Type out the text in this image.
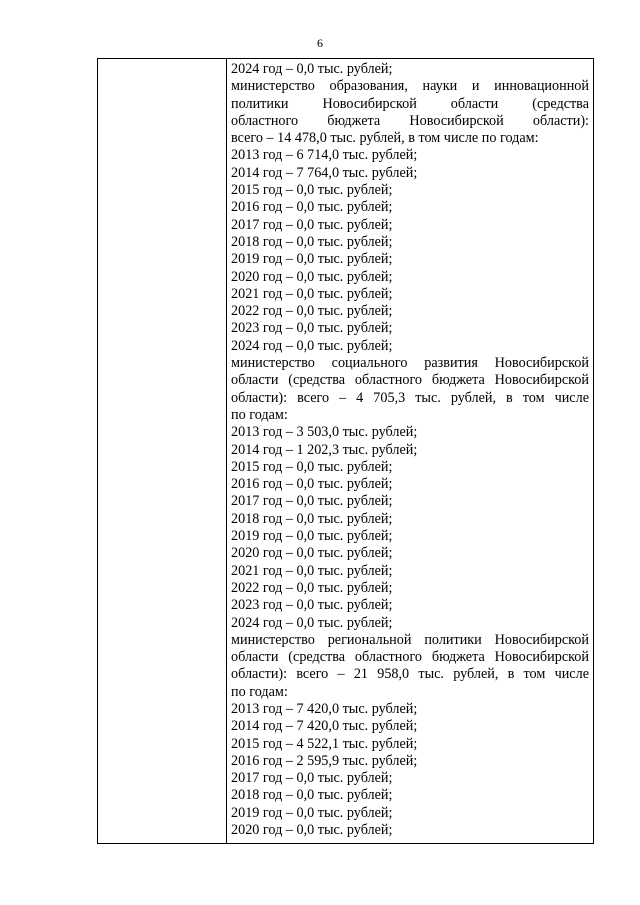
6
2024 год – 0,0 тыс. рублей;
министерство образования, науки и инновационной
политики Новосибирской области (средства
областного бюджета Новосибирской области):
всего – 14 478,0 тыс. рублей, в том числе по годам:
2013 год – 6 714,0 тыс. рублей;
2014 год – 7 764,0 тыс. рублей;
2015 год – 0,0 тыс. рублей;
2016 год – 0,0 тыс. рублей;
2017 год – 0,0 тыс. рублей;
2018 год – 0,0 тыс. рублей;
2019 год – 0,0 тыс. рублей;
2020 год – 0,0 тыс. рублей;
2021 год – 0,0 тыс. рублей;
2022 год – 0,0 тыс. рублей;
2023 год – 0,0 тыс. рублей;
2024 год – 0,0 тыс. рублей;
министерство социального развития Новосибирской
области (средства областного бюджета Новосибирской
области): всего – 4 705,3 тыс. рублей, в том числе
по годам:
2013 год – 3 503,0 тыс. рублей;
2014 год – 1 202,3 тыс. рублей;
2015 год – 0,0 тыс. рублей;
2016 год – 0,0 тыс. рублей;
2017 год – 0,0 тыс. рублей;
2018 год – 0,0 тыс. рублей;
2019 год – 0,0 тыс. рублей;
2020 год – 0,0 тыс. рублей;
2021 год – 0,0 тыс. рублей;
2022 год – 0,0 тыс. рублей;
2023 год – 0,0 тыс. рублей;
2024 год – 0,0 тыс. рублей;
министерство региональной политики Новосибирской
области (средства областного бюджета Новосибирской
области): всего – 21 958,0 тыс. рублей, в том числе
по годам:
2013 год – 7 420,0 тыс. рублей;
2014 год – 7 420,0 тыс. рублей;
2015 год – 4 522,1 тыс. рублей;
2016 год – 2 595,9 тыс. рублей;
2017 год – 0,0 тыс. рублей;
2018 год – 0,0 тыс. рублей;
2019 год – 0,0 тыс. рублей;
2020 год – 0,0 тыс. рублей;
